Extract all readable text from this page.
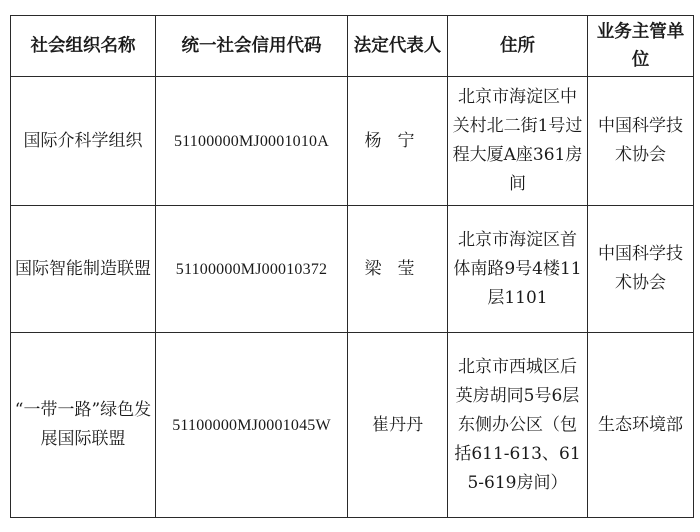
社会组织名称	统一社会信用代码	法定代表人	住所	业务主管单位
国际介科学组织	51100000MJ0001010A	杨宁	北京市海淀区中关村北二街1号过程大厦A座361房间	中国科学技术协会
国际智能制造联盟	51100000MJ00010372	梁莹	北京市海淀区首体南路9号4楼11层1101	中国科学技术协会
“一带一路”绿色发展国际联盟	51100000MJ0001045W	崔丹丹	北京市西城区后英房胡同5号6层东侧办公区（包括611-613、615-619房间）	生态环境部
